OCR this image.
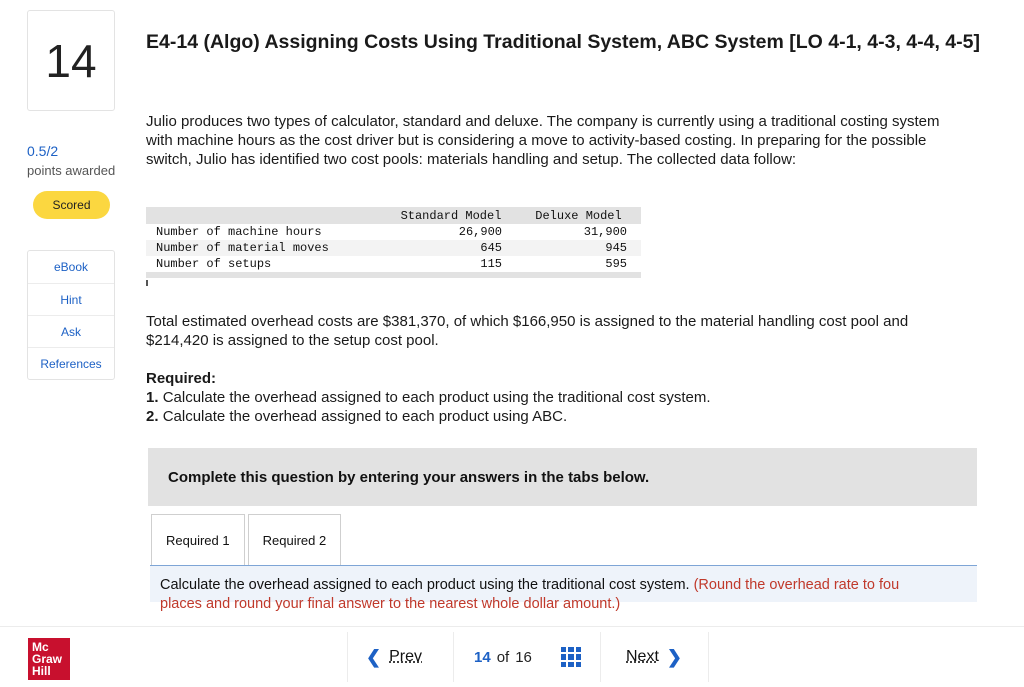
14
0.5/2
points awarded
Scored
eBook
Hint
Ask
References
E4-14 (Algo) Assigning Costs Using Traditional System, ABC System [LO 4-1, 4-3, 4-4, 4-5]
Julio produces two types of calculator, standard and deluxe. The company is currently using a traditional costing system with machine hours as the cost driver but is considering a move to activity-based costing. In preparing for the possible switch, Julio has identified two cost pools: materials handling and setup. The collected data follow:
	Standard Model	Deluxe Model
Number of machine hours	26,900	31,900
Number of material moves	645	945
Number of setups	115	595
Total estimated overhead costs are $381,370, of which $166,950 is assigned to the material handling cost pool and $214,420 is assigned to the setup cost pool.
Required:
1. Calculate the overhead assigned to each product using the traditional cost system.
2. Calculate the overhead assigned to each product using ABC.
Complete this question by entering your answers in the tabs below.
Required 1	Required 2
Calculate the overhead assigned to each product using the traditional cost system. (Round the overhead rate to fou
places and round your final answer to the nearest whole dollar amount.)
Mc
Graw
Hill
❮ Prev	14 of 16	Next ❯
